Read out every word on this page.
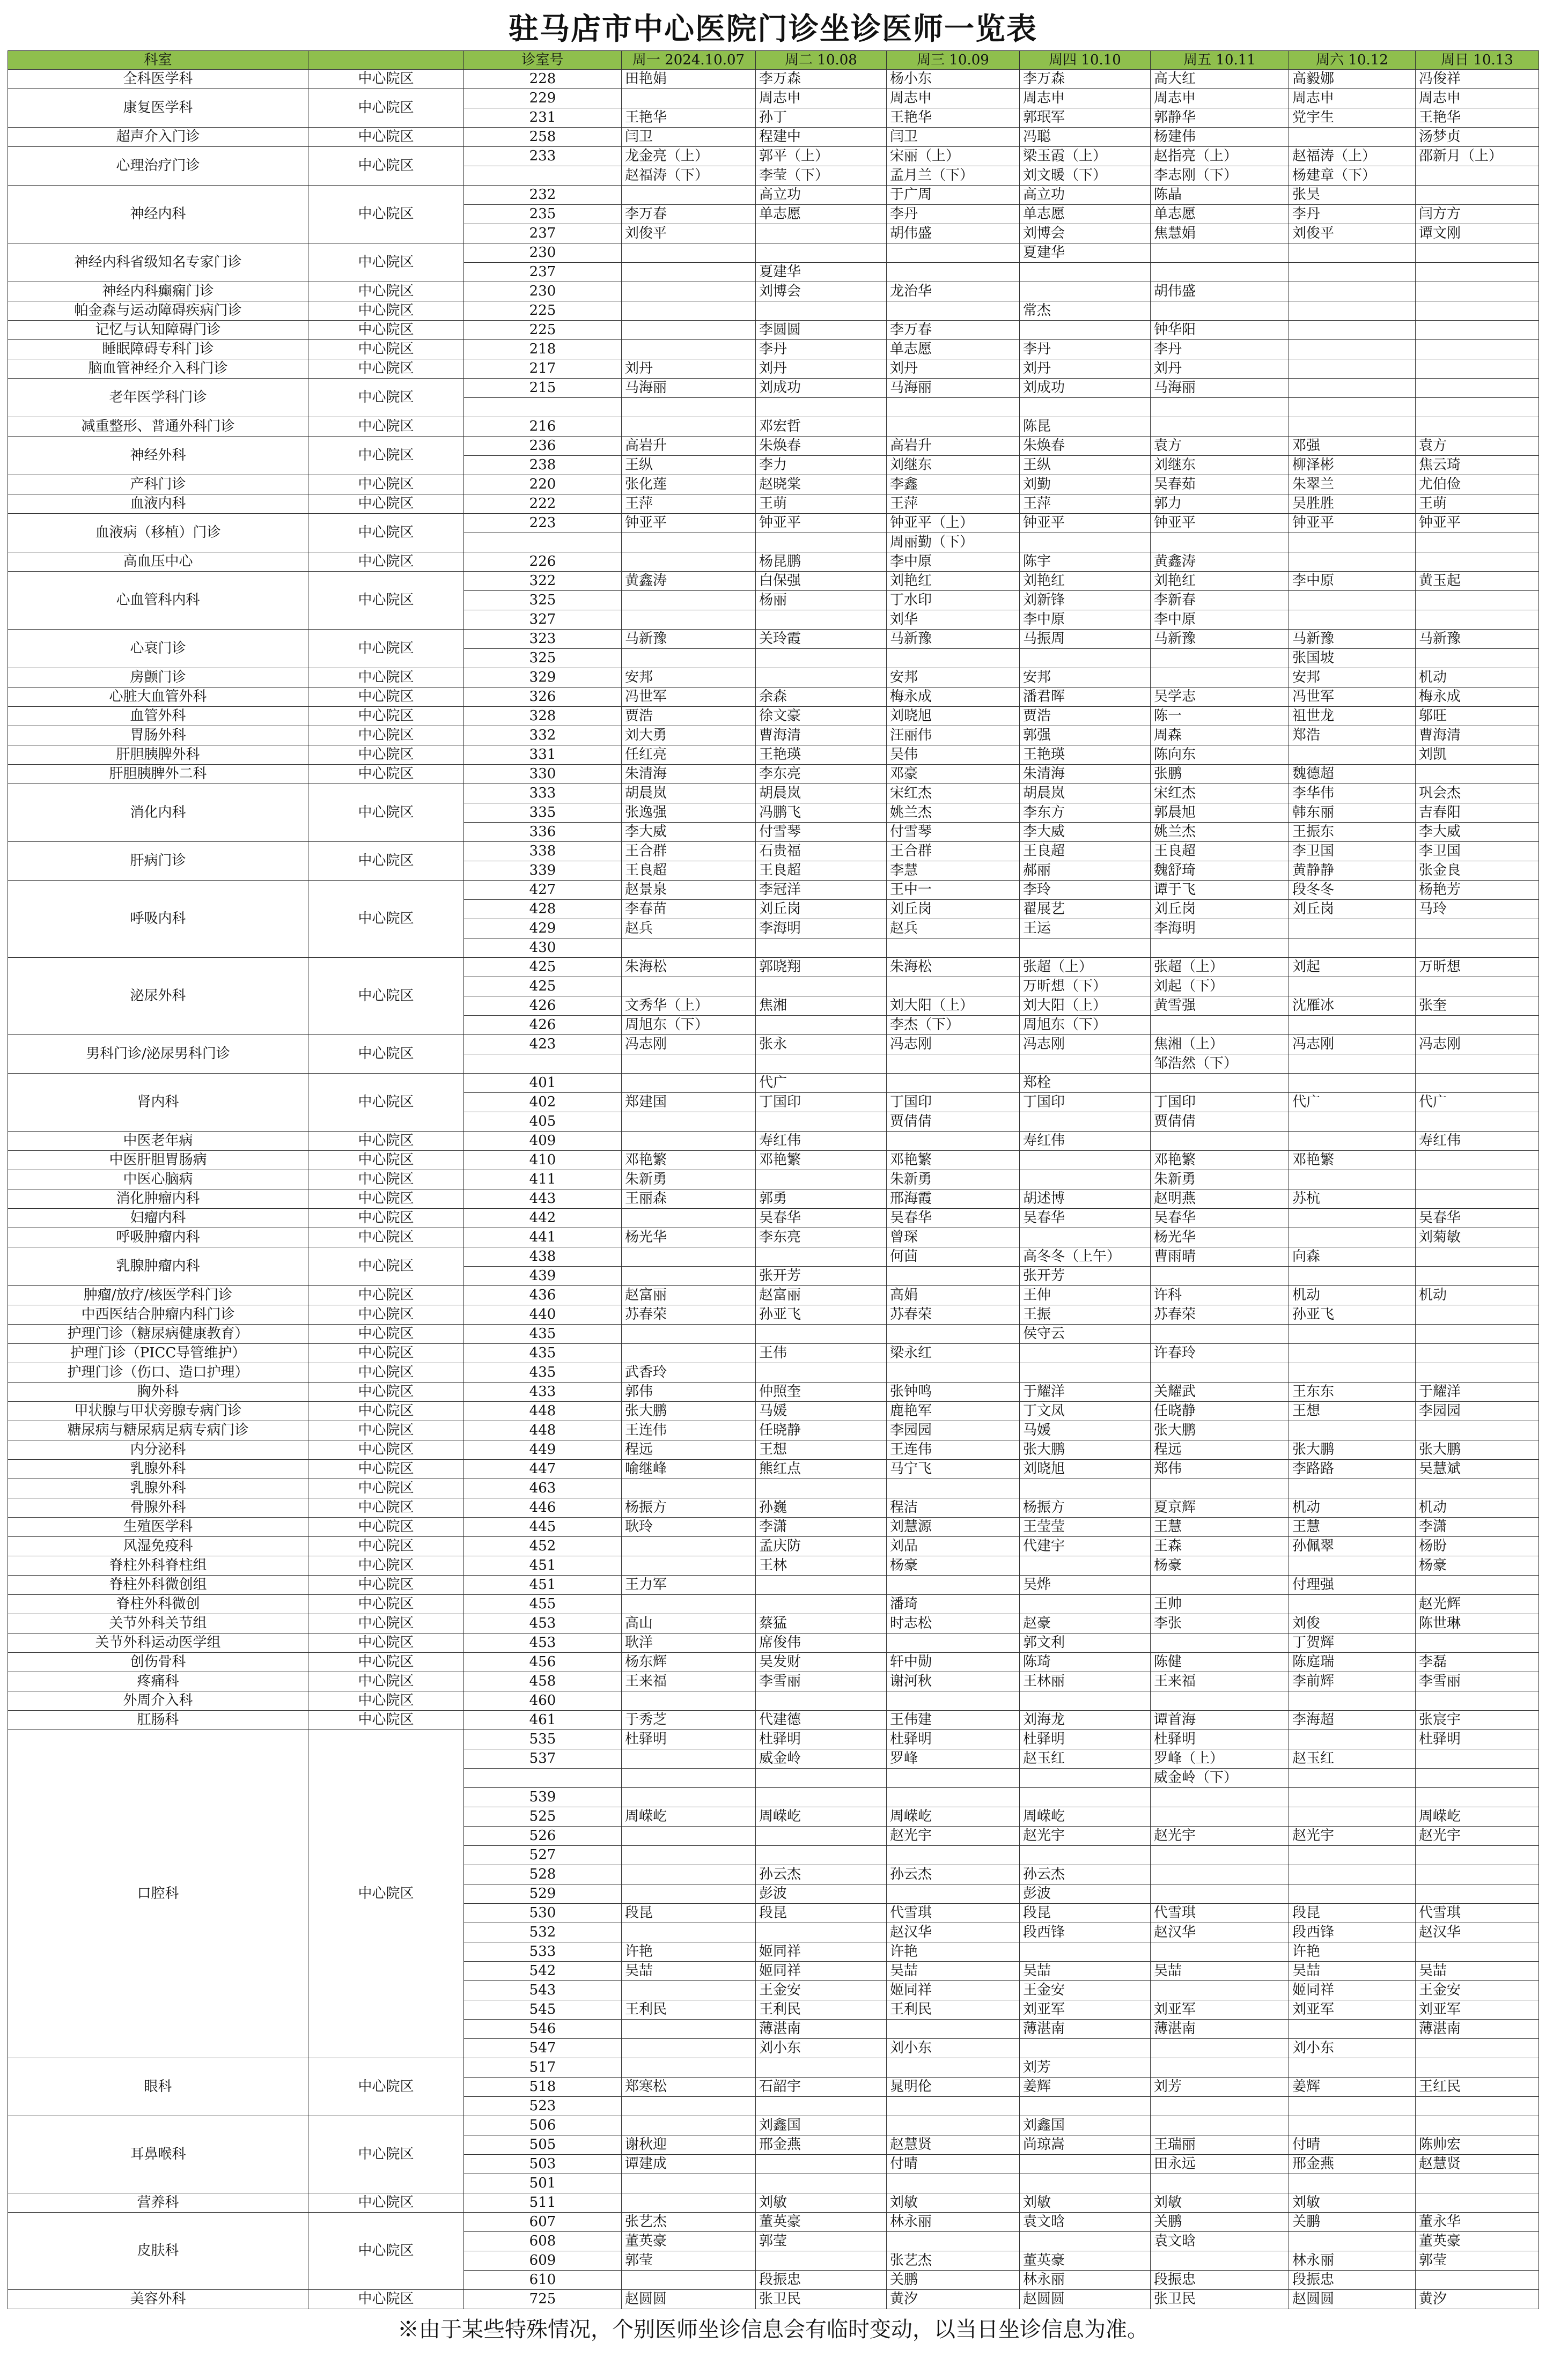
驻马店市中心医院门诊坐诊医师一览表
科室		诊室号	周一 2024.10.07	周二 10.08	周三 10.09	周四 10.10	周五 10.11	周六 10.12	周日 10.13
全科医学科	中心院区	228	田艳娟	李万森	杨小东	李万森	高大红	高毅娜	冯俊祥
康复医学科	中心院区	229		周志申	周志申	周志申	周志申	周志申	周志申
		231	王艳华	孙丁	王艳华	郭珉军	郭静华	党宇生	王艳华
超声介入门诊	中心院区	258	闫卫	程建中	闫卫	冯聪	杨建伟		汤梦贞
心理治疗门诊	中心院区	233	龙金亮（上）	郭平（上）	宋丽（上）	梁玉霞（上）	赵指亮（上）	赵福涛（上）	邵新月（上）
			赵福涛（下）	李莹（下）	孟月兰（下）	刘文暖（下）	李志刚（下）	杨建章（下）	
神经内科	中心院区	232		高立功	于广周	高立功	陈晶	张昊	
		235	李万春	单志愿	李丹	单志愿	单志愿	李丹	闫方方
		237	刘俊平		胡伟盛	刘博会	焦慧娟	刘俊平	谭文刚
神经内科省级知名专家门诊	中心院区	230				夏建华			
		237		夏建华					
神经内科癫痫门诊	中心院区	230		刘博会	龙治华		胡伟盛		
帕金森与运动障碍疾病门诊	中心院区	225				常杰			
记忆与认知障碍门诊	中心院区	225		李圆圆	李万春		钟华阳		
睡眠障碍专科门诊	中心院区	218		李丹	单志愿	李丹	李丹		
脑血管神经介入科门诊	中心院区	217	刘丹	刘丹	刘丹	刘丹	刘丹		
老年医学科门诊	中心院区	215	马海丽	刘成功	马海丽	刘成功	马海丽		

减重整形、普通外科门诊	中心院区	216		邓宏哲		陈昆			
神经外科	中心院区	236	高岩升	朱焕春	高岩升	朱焕春	袁方	邓强	袁方
		238	王纵	李力	刘继东	王纵	刘继东	柳泽彬	焦云琦
产科门诊	中心院区	220	张化莲	赵晓棠	李鑫	刘勤	吴春茹	朱翠兰	尤伯俭
血液内科	中心院区	222	王萍	王萌	王萍	王萍	郭力	吴胜胜	王萌
血液病（移植）门诊	中心院区	223	钟亚平	钟亚平	钟亚平（上）	钟亚平	钟亚平	钟亚平	钟亚平
					周丽勤（下）				
高血压中心	中心院区	226		杨昆鹏	李中原	陈宇	黄鑫涛		
心血管科内科	中心院区	322	黄鑫涛	白保强	刘艳红	刘艳红	刘艳红	李中原	黄玉起
		325		杨丽	丁水印	刘新锋	李新春		
		327			刘华	李中原	李中原		
心衰门诊	中心院区	323	马新豫	关玲霞	马新豫	马振周	马新豫	马新豫	马新豫
		325						张国坡	
房颤门诊	中心院区	329	安邦		安邦	安邦		安邦	机动
心脏大血管外科	中心院区	326	冯世军	余森	梅永成	潘君晖	吴学志	冯世军	梅永成
血管外科	中心院区	328	贾浩	徐文豪	刘晓旭	贾浩	陈一	祖世龙	邬旺
胃肠外科	中心院区	332	刘大勇	曹海清	汪丽伟	郭强	周森	郑浩	曹海清
肝胆胰脾外科	中心院区	331	任红亮	王艳瑛	吴伟	王艳瑛	陈向东		刘凯
肝胆胰脾外二科	中心院区	330	朱清海	李东亮	邓豪	朱清海	张鹏	魏德超	
消化内科	中心院区	333	胡晨岚	胡晨岚	宋红杰	胡晨岚	宋红杰	李华伟	巩会杰
		335	张逸强	冯鹏飞	姚兰杰	李东方	郭晨旭	韩东丽	吉春阳
		336	李大威	付雪琴	付雪琴	李大威	姚兰杰	王振东	李大威
肝病门诊	中心院区	338	王合群	石贵福	王合群	王良超	王良超	李卫国	李卫国
		339	王良超	王良超	李慧	郝丽	魏舒琦	黄静静	张金良
呼吸内科	中心院区	427	赵景泉	李冠洋	王中一	李玲	谭于飞	段冬冬	杨艳芳
		428	李春苗	刘丘岗	刘丘岗	翟展艺	刘丘岗	刘丘岗	马玲
		429	赵兵	李海明	赵兵	王运	李海明		
		430							
泌尿外科	中心院区	425	朱海松	郭晓翔	朱海松	张超（上）	张超（上）	刘起	万昕想
		425				万昕想（下）	刘起（下）		
		426	文秀华（上）	焦湘	刘大阳（上）	刘大阳（上）	黄雪强	沈雁冰	张奎
		426	周旭东（下）		李杰（下）	周旭东（下）			
男科门诊/泌尿男科门诊	中心院区	423	冯志刚	张永	冯志刚	冯志刚	焦湘（上）	冯志刚	冯志刚
							邹浩然（下）		
肾内科	中心院区	401		代广		郑栓			
		402	郑建国	丁国印	丁国印	丁国印	丁国印	代广	代广
		405			贾倩倩		贾倩倩		
中医老年病	中心院区	409		寿红伟		寿红伟			寿红伟
中医肝胆胃肠病	中心院区	410	邓艳繁	邓艳繁	邓艳繁		邓艳繁	邓艳繁	
中医心脑病	中心院区	411	朱新勇		朱新勇		朱新勇		
消化肿瘤内科	中心院区	443	王丽森	郭勇	邢海霞	胡述博	赵明燕	苏杭	
妇瘤内科	中心院区	442		吴春华	吴春华	吴春华	吴春华		吴春华
呼吸肿瘤内科	中心院区	441	杨光华	李东亮	曾琛		杨光华		刘菊敏
乳腺肿瘤内科	中心院区	438			何茴	高冬冬（上午）	曹雨晴	向森	
		439		张开芳		张开芳			
肿瘤/放疗/核医学科门诊	中心院区	436	赵富丽	赵富丽	高娟	王伸	许科	机动	机动
中西医结合肿瘤内科门诊	中心院区	440	苏春荣	孙亚飞	苏春荣	王振	苏春荣	孙亚飞	
护理门诊（糖尿病健康教育）	中心院区	435				侯守云			
护理门诊（PICC导管维护）	中心院区	435		王伟	梁永红		许春玲		
护理门诊（伤口、造口护理）	中心院区	435	武香玲						
胸外科	中心院区	433	郭伟	仲照奎	张钟鸣	于耀洋	关耀武	王东东	于耀洋
甲状腺与甲状旁腺专病门诊	中心院区	448	张大鹏	马媛	鹿艳军	丁文凤	任晓静	王想	李园园
糖尿病与糖尿病足病专病门诊	中心院区	448	王连伟	任晓静	李园园	马媛	张大鹏		
内分泌科	中心院区	449	程远	王想	王连伟	张大鹏	程远	张大鹏	张大鹏
乳腺外科	中心院区	447	喻继峰	熊红点	马宁飞	刘晓旭	郑伟	李路路	吴慧斌
乳腺外科	中心院区	463							
骨腺外科	中心院区	446	杨振方	孙巍	程洁	杨振方	夏京辉	机动	机动
生殖医学科	中心院区	445	耿玲	李潇	刘慧源	王莹莹	王慧	王慧	李潇
风湿免疫科	中心院区	452		孟庆防	刘品	代建宇	王森	孙佩翠	杨盼
脊柱外科脊柱组	中心院区	451		王林	杨豪		杨豪		杨豪
脊柱外科微创组	中心院区	451	王力军			吴烨		付理强	
脊柱外科微创	中心院区	455			潘琦		王帅		赵光辉
关节外科关节组	中心院区	453	高山	蔡猛	时志松	赵豪	李张	刘俊	陈世琳
关节外科运动医学组	中心院区	453	耿洋	席俊伟		郭文利		丁贺辉	
创伤骨科	中心院区	456	杨东辉	吴发财	轩中勋	陈琦	陈健	陈庭瑞	李磊
疼痛科	中心院区	458	王来福	李雪丽	谢河秋	王林丽	王来福	李前辉	李雪丽
外周介入科	中心院区	460							
肛肠科	中心院区	461	于秀芝	代建德	王伟建	刘海龙	谭首海	李海超	张宸宇
口腔科	中心院区	535	杜驿明	杜驿明	杜驿明	杜驿明	杜驿明		杜驿明
		537		威金岭	罗峰	赵玉红	罗峰（上）	赵玉红	
							威金岭（下）		
		539							
		525	周嵘屹	周嵘屹	周嵘屹	周嵘屹			周嵘屹
		526			赵光宇	赵光宇	赵光宇	赵光宇	赵光宇
		527							
		528		孙云杰	孙云杰	孙云杰			
		529		彭波		彭波			
		530	段昆	段昆	代雪琪	段昆	代雪琪	段昆	代雪琪
		532			赵汉华	段西锋	赵汉华	段西锋	赵汉华
		533	许艳	姬同祥	许艳			许艳	
		542	吴喆	姬同祥	吴喆	吴喆	吴喆	吴喆	吴喆
		543		王金安	姬同祥	王金安		姬同祥	王金安
		545	王利民	王利民	王利民	刘亚军	刘亚军	刘亚军	刘亚军
		546		薄湛南		薄湛南	薄湛南		薄湛南
		547		刘小东	刘小东			刘小东	
眼科	中心院区	517				刘芳			
		518	郑寒松	石韶宇	晁明伦	姜辉	刘芳	姜辉	王红民
		523							
耳鼻喉科	中心院区	506		刘鑫国		刘鑫国			
		505	谢秋迎	邢金燕	赵慧贤	尚琼嵩	王瑞丽	付晴	陈帅宏
		503	谭建成		付晴		田永远	邢金燕	赵慧贤
		501							
营养科	中心院区	511		刘敏	刘敏	刘敏	刘敏	刘敏	
皮肤科	中心院区	607	张艺杰	董英豪	林永丽	袁文晗	关鹏	关鹏	董永华
		608	董英豪	郭莹			袁文晗		董英豪
		609	郭莹		张艺杰	董英豪		林永丽	郭莹
		610		段振忠	关鹏	林永丽	段振忠	段振忠	
美容外科	中心院区	725	赵圆圆	张卫民	黄汐	赵圆圆	张卫民	赵圆圆	黄汐
※由于某些特殊情况，个别医师坐诊信息会有临时变动，以当日坐诊信息为准。
